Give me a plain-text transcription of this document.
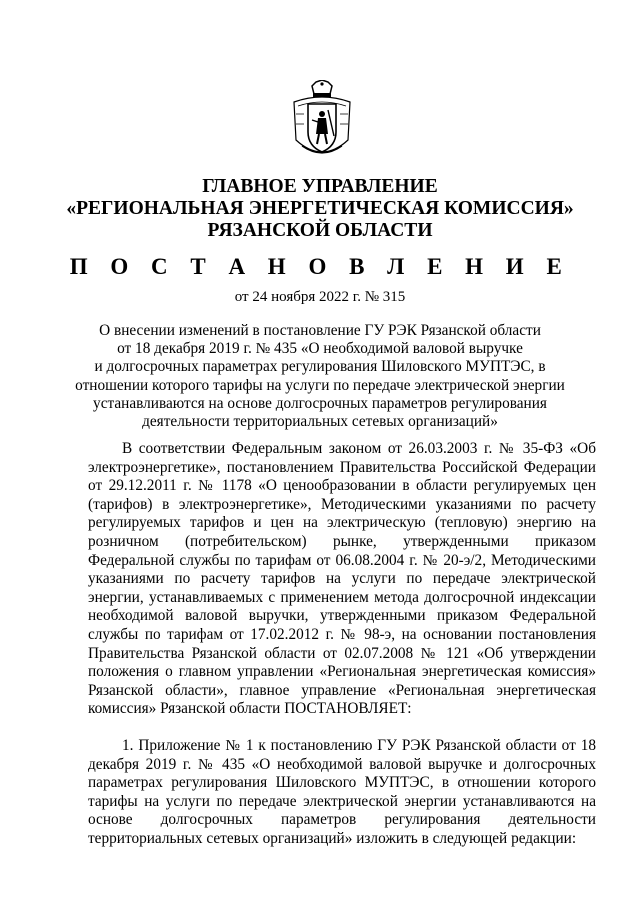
ГЛАВНОЕ УПРАВЛЕНИЕ
«РЕГИОНАЛЬНАЯ ЭНЕРГЕТИЧЕСКАЯ КОМИССИЯ»
РЯЗАНСКОЙ ОБЛАСТИ
П О С Т А Н О В Л Е Н И Е
от 24 ноября 2022 г. № 315
О внесении изменений в постановление ГУ РЭК Рязанской области
от 18 декабря 2019 г. № 435 «О необходимой валовой выручке
и долгосрочных параметрах регулирования Шиловского МУПТЭС, в
отношении которого тарифы на услуги по передаче электрической энергии
устанавливаются на основе долгосрочных параметров регулирования
деятельности территориальных сетевых организаций»

В соответствии Федеральным законом от 26.03.2003 г. № 35-ФЗ «Об электроэнергетике», постановлением Правительства Российской Федерации от 29.12.2011 г. № 1178 «О ценообразовании в области регулируемых цен (тарифов) в электроэнергетике», Методическими указаниями по расчету регулируемых тарифов и цен на электрическую (тепловую) энергию на розничном (потребительском) рынке, утвержденными приказом Федеральной службы по тарифам от 06.08.2004 г. № 20-э/2, Методическими указаниями по расчету тарифов на услуги по передаче электрической энергии, устанавливаемых с применением метода долгосрочной индексации необходимой валовой выручки, утвержденными приказом Федеральной службы по тарифам от 17.02.2012 г. № 98-э, на основании постановления Правительства Рязанской области от 02.07.2008 № 121 «Об утверждении положения о главном управлении «Региональная энергетическая комиссия» Рязанской области», главное управление «Региональная энергетическая комиссия» Рязанской области ПОСТАНОВЛЯЕТ:

1. Приложение № 1 к постановлению ГУ РЭК Рязанской области от 18 декабря 2019 г. № 435 «О необходимой валовой выручке и долгосрочных параметрах регулирования Шиловского МУПТЭС, в отношении которого тарифы на услуги по передаче электрической энергии устанавливаются на основе долгосрочных параметров регулирования деятельности территориальных сетевых организаций» изложить в следующей редакции:
